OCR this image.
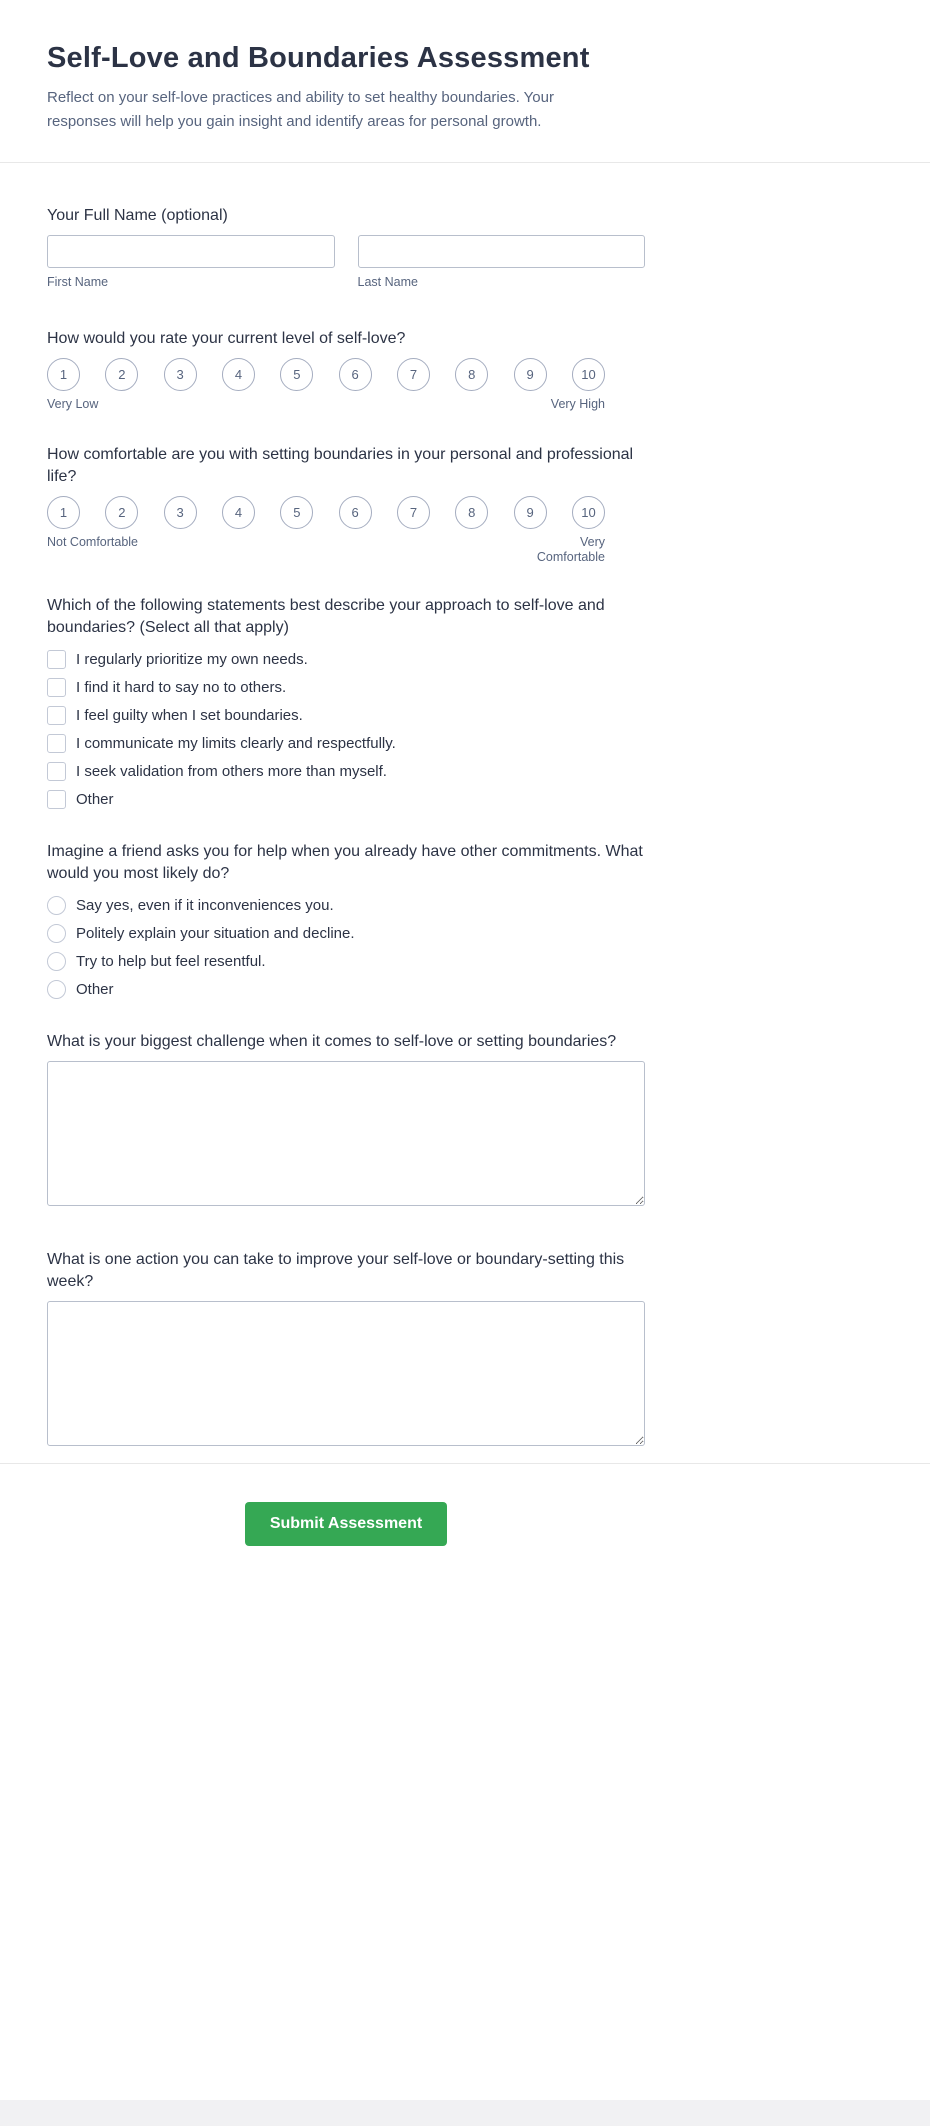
Self-Love and Boundaries Assessment

Reflect on your self-love practices and ability to set healthy boundaries. Your responses will help you gain insight and identify areas for personal growth.

Your Full Name (optional)
First Name	Last Name
How would you rate your current level of self-love?
1	2	3	4	5	6	7	8	9	10
Very Low	Very High
How comfortable are you with setting boundaries in your personal and professional life?
1	2	3	4	5	6	7	8	9	10
Not Comfortable	Very Comfortable
Which of the following statements best describe your approach to self-love and boundaries? (Select all that apply)
I regularly prioritize my own needs.
I find it hard to say no to others.
I feel guilty when I set boundaries.
I communicate my limits clearly and respectfully.
I seek validation from others more than myself.
Other
Imagine a friend asks you for help when you already have other commitments. What would you most likely do?
Say yes, even if it inconveniences you.
Politely explain your situation and decline.
Try to help but feel resentful.
Other
What is your biggest challenge when it comes to self-love or setting boundaries?
What is one action you can take to improve your self-love or boundary-setting this week?
Submit Assessment
